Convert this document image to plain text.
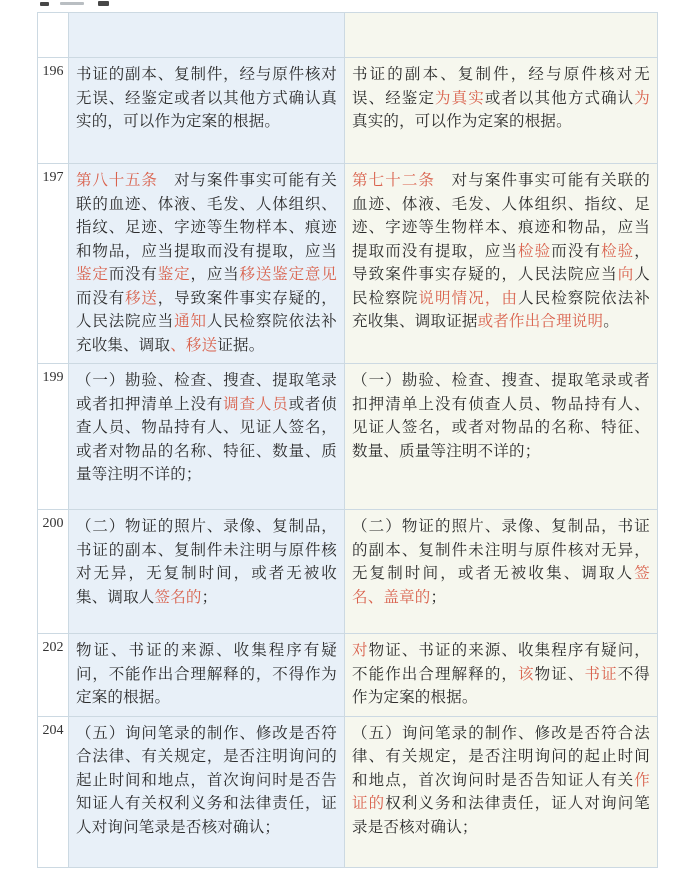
196 书证的副本、复制件，经与原件核对无误、经鉴定或者以其他方式确认真实的，可以作为定案的根据。
书证的副本、复制件，经与原件核对无误、经鉴定为真实或者以其他方式确认为真实的，可以作为定案的根据。
197 第八十五条　对与案件事实可能有关联的血迹、体液、毛发、人体组织、指纹、足迹、字迹等生物样本、痕迹和物品，应当提取而没有提取，应当鉴定而没有鉴定，应当移送鉴定意见而没有移送，导致案件事实存疑的，人民法院应当通知人民检察院依法补充收集、调取、移送证据。
第七十二条　对与案件事实可能有关联的血迹、体液、毛发、人体组织、指纹、足迹、字迹等生物样本、痕迹和物品，应当提取而没有提取，应当检验而没有检验，导致案件事实存疑的，人民法院应当向人民检察院说明情况，由人民检察院依法补充收集、调取证据或者作出合理说明。
199 （一）勘验、检查、搜查、提取笔录或者扣押清单上没有调查人员或者侦查人员、物品持有人、见证人签名，或者对物品的名称、特征、数量、质量等注明不详的；
（一）勘验、检查、搜查、提取笔录或者扣押清单上没有侦查人员、物品持有人、见证人签名，或者对物品的名称、特征、数量、质量等注明不详的；
200 （二）物证的照片、录像、复制品，书证的副本、复制件未注明与原件核对无异，无复制时间，或者无被收集、调取人签名的；
（二）物证的照片、录像、复制品，书证的副本、复制件未注明与原件核对无异，无复制时间，或者无被收集、调取人签名、盖章的；
202 物证、书证的来源、收集程序有疑问，不能作出合理解释的，不得作为定案的根据。
对物证、书证的来源、收集程序有疑问，不能作出合理解释的，该物证、书证不得作为定案的根据。
204 （五）询问笔录的制作、修改是否符合法律、有关规定，是否注明询问的起止时间和地点，首次询问时是否告知证人有关权利义务和法律责任，证人对询问笔录是否核对确认；
（五）询问笔录的制作、修改是否符合法律、有关规定，是否注明询问的起止时间和地点，首次询问时是否告知证人有关作证的权利义务和法律责任，证人对询问笔录是否核对确认；
